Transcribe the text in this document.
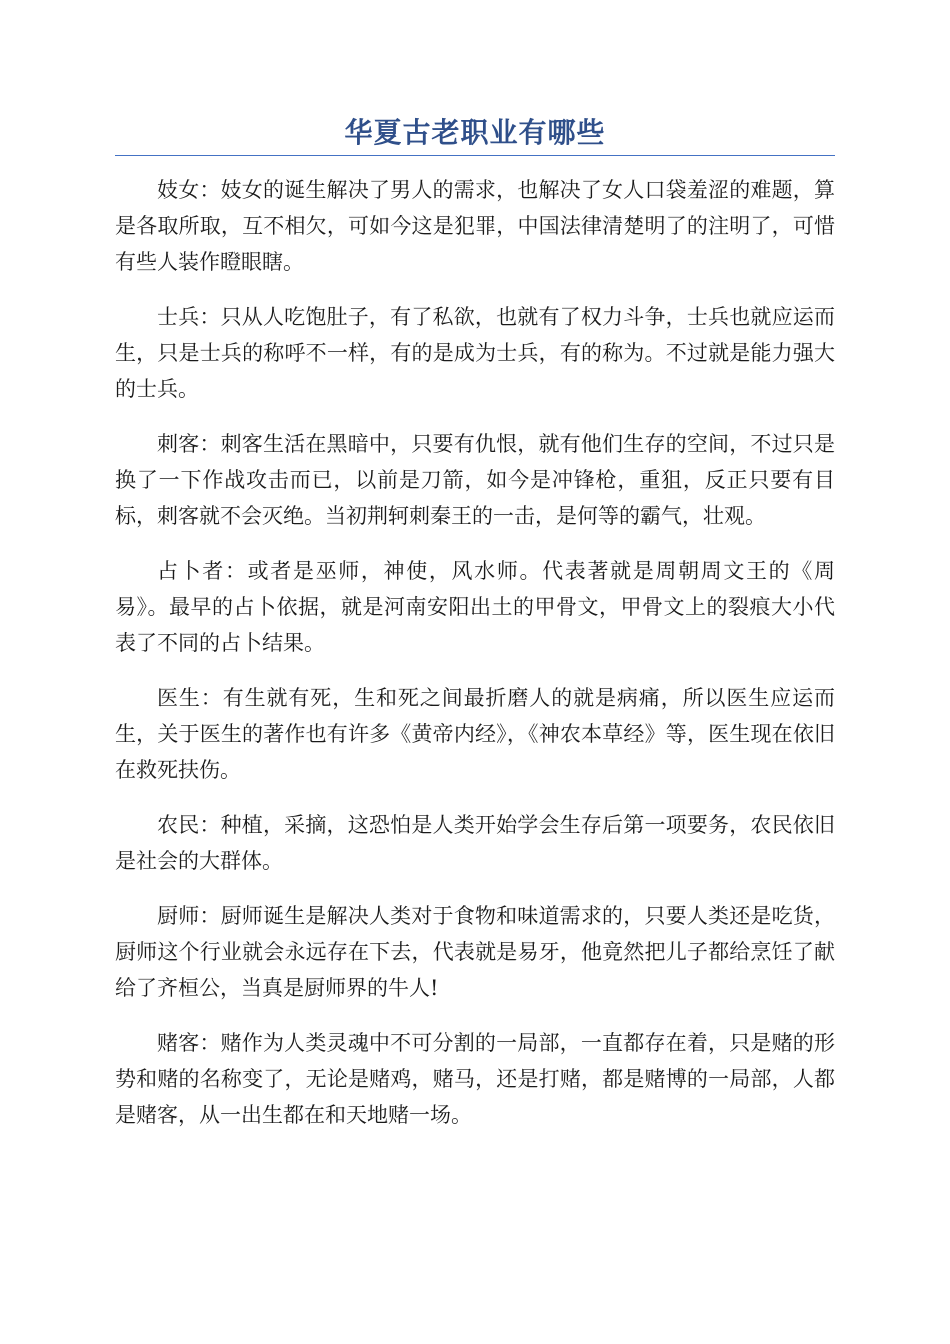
华夏古老职业有哪些

妓女：妓女的诞生解决了男人的需求，也解决了女人口袋羞涩的难题，算是各取所取，互不相欠，可如今这是犯罪，中国法律清楚明了的注明了，可惜有些人装作瞪眼瞎。

士兵：只从人吃饱肚子，有了私欲，也就有了权力斗争，士兵也就应运而生，只是士兵的称呼不一样，有的是成为士兵，有的称为。不过就是能力强大的士兵。

刺客：刺客生活在黑暗中，只要有仇恨，就有他们生存的空间，不过只是换了一下作战攻击而已，以前是刀箭，如今是冲锋枪，重狙，反正只要有目标，刺客就不会灭绝。当初荆轲刺秦王的一击，是何等的霸气，壮观。

占卜者：或者是巫师，神使，风水师。代表著就是周朝周文王的《周易》。最早的占卜依据，就是河南安阳出土的甲骨文，甲骨文上的裂痕大小代表了不同的占卜结果。

医生：有生就有死，生和死之间最折磨人的就是病痛，所以医生应运而生，关于医生的著作也有许多《黄帝内经》，《神农本草经》等，医生现在依旧在救死扶伤。

农民：种植，采摘，这恐怕是人类开始学会生存后第一项要务，农民依旧是社会的大群体。

厨师：厨师诞生是解决人类对于食物和味道需求的，只要人类还是吃货，厨师这个行业就会永远存在下去，代表就是易牙，他竟然把儿子都给烹饪了献给了齐桓公，当真是厨师界的牛人!

赌客：赌作为人类灵魂中不可分割的一局部，一直都存在着，只是赌的形势和赌的名称变了，无论是赌鸡，赌马，还是打赌，都是赌博的一局部，人都是赌客，从一出生都在和天地赌一场。
